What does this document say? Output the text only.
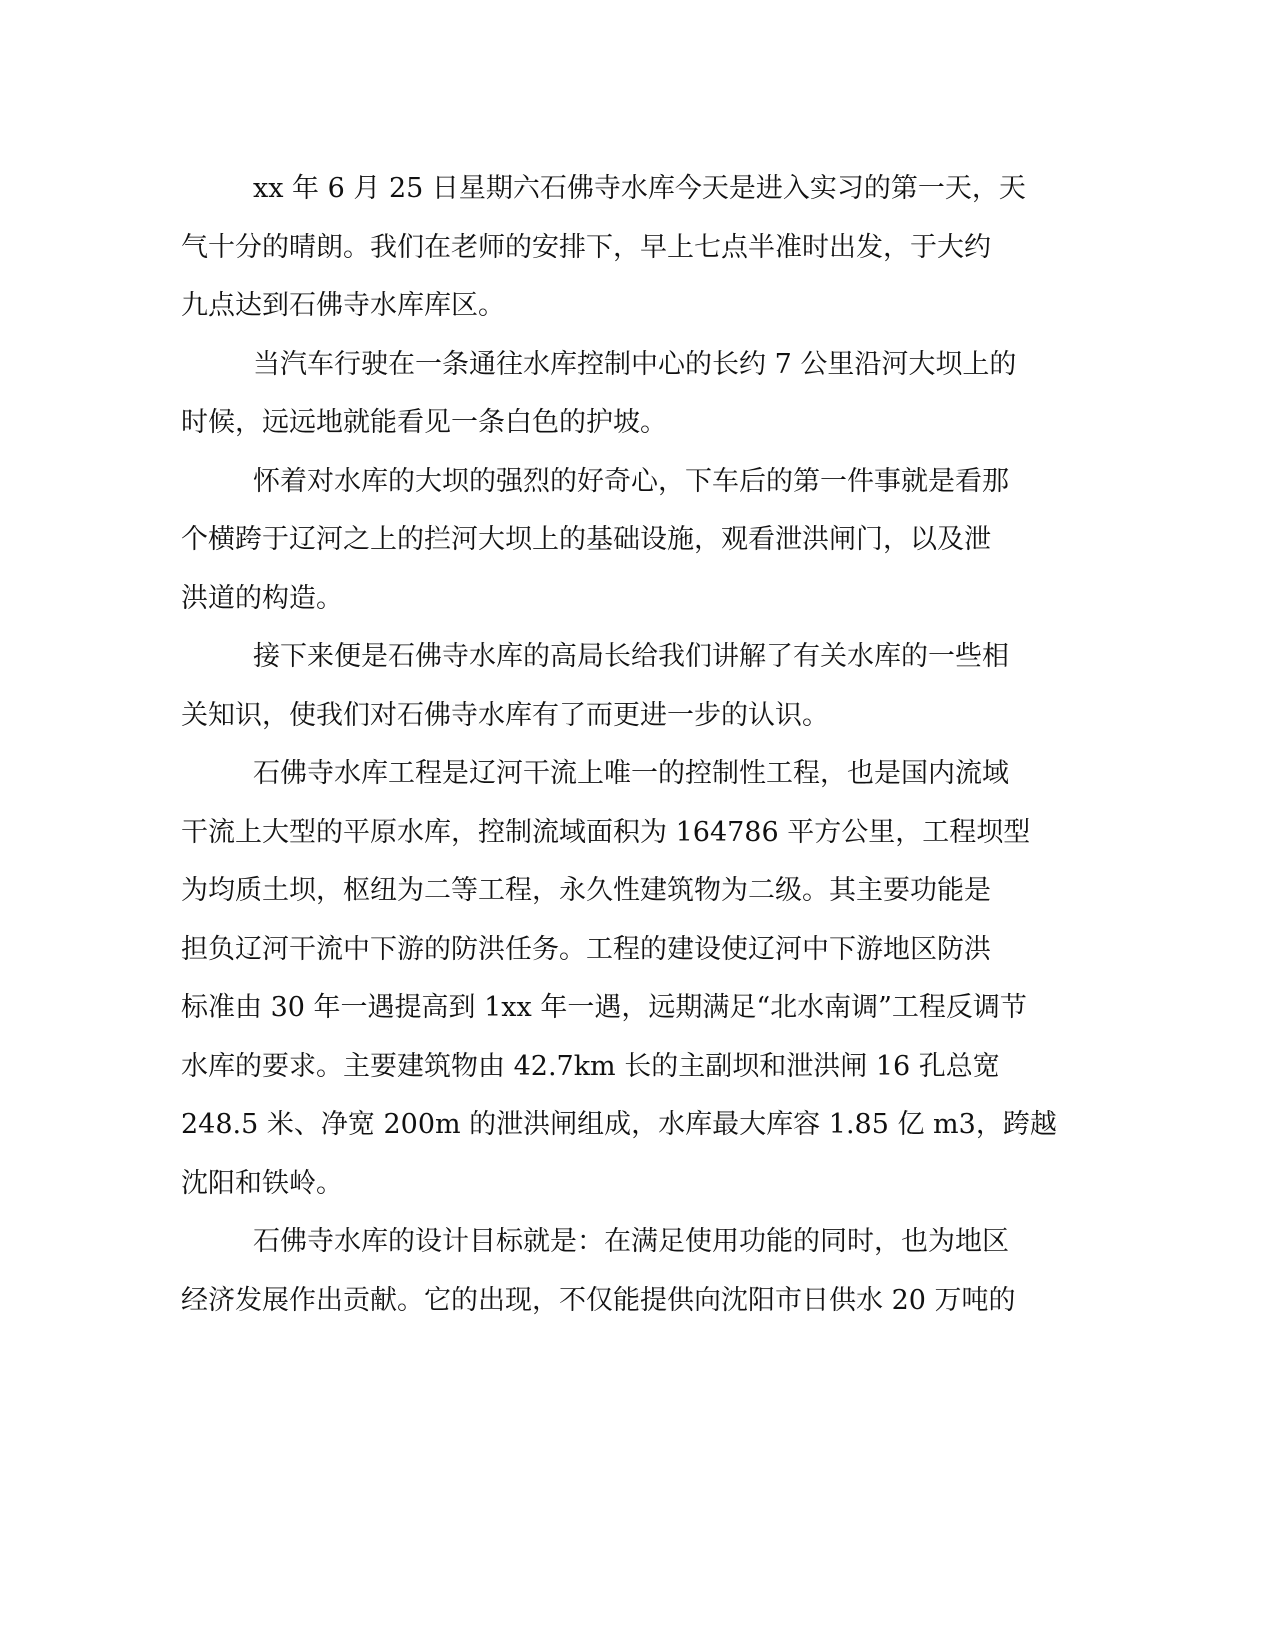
xx 年 6 月 25 日星期六石佛寺水库今天是进入实习的第一天，天
气十分的晴朗。我们在老师的安排下，早上七点半准时出发，于大约
九点达到石佛寺水库库区。
当汽车行驶在一条通往水库控制中心的长约 7 公里沿河大坝上的
时候，远远地就能看见一条白色的护坡。
怀着对水库的大坝的强烈的好奇心，下车后的第一件事就是看那
个横跨于辽河之上的拦河大坝上的基础设施，观看泄洪闸门，以及泄
洪道的构造。
接下来便是石佛寺水库的高局长给我们讲解了有关水库的一些相
关知识，使我们对石佛寺水库有了而更进一步的认识。
石佛寺水库工程是辽河干流上唯一的控制性工程，也是国内流域
干流上大型的平原水库，控制流域面积为 164786 平方公里，工程坝型
为均质土坝，枢纽为二等工程，永久性建筑物为二级。其主要功能是
担负辽河干流中下游的防洪任务。工程的建设使辽河中下游地区防洪
标准由 30 年一遇提高到 1xx 年一遇，远期满足“北水南调”工程反调节
水库的要求。主要建筑物由 42.7km 长的主副坝和泄洪闸 16 孔总宽
248.5 米、净宽 200m 的泄洪闸组成，水库最大库容 1.85 亿 m3，跨越
沈阳和铁岭。
石佛寺水库的设计目标就是：在满足使用功能的同时，也为地区
经济发展作出贡献。它的出现，不仅能提供向沈阳市日供水 20 万吨的
